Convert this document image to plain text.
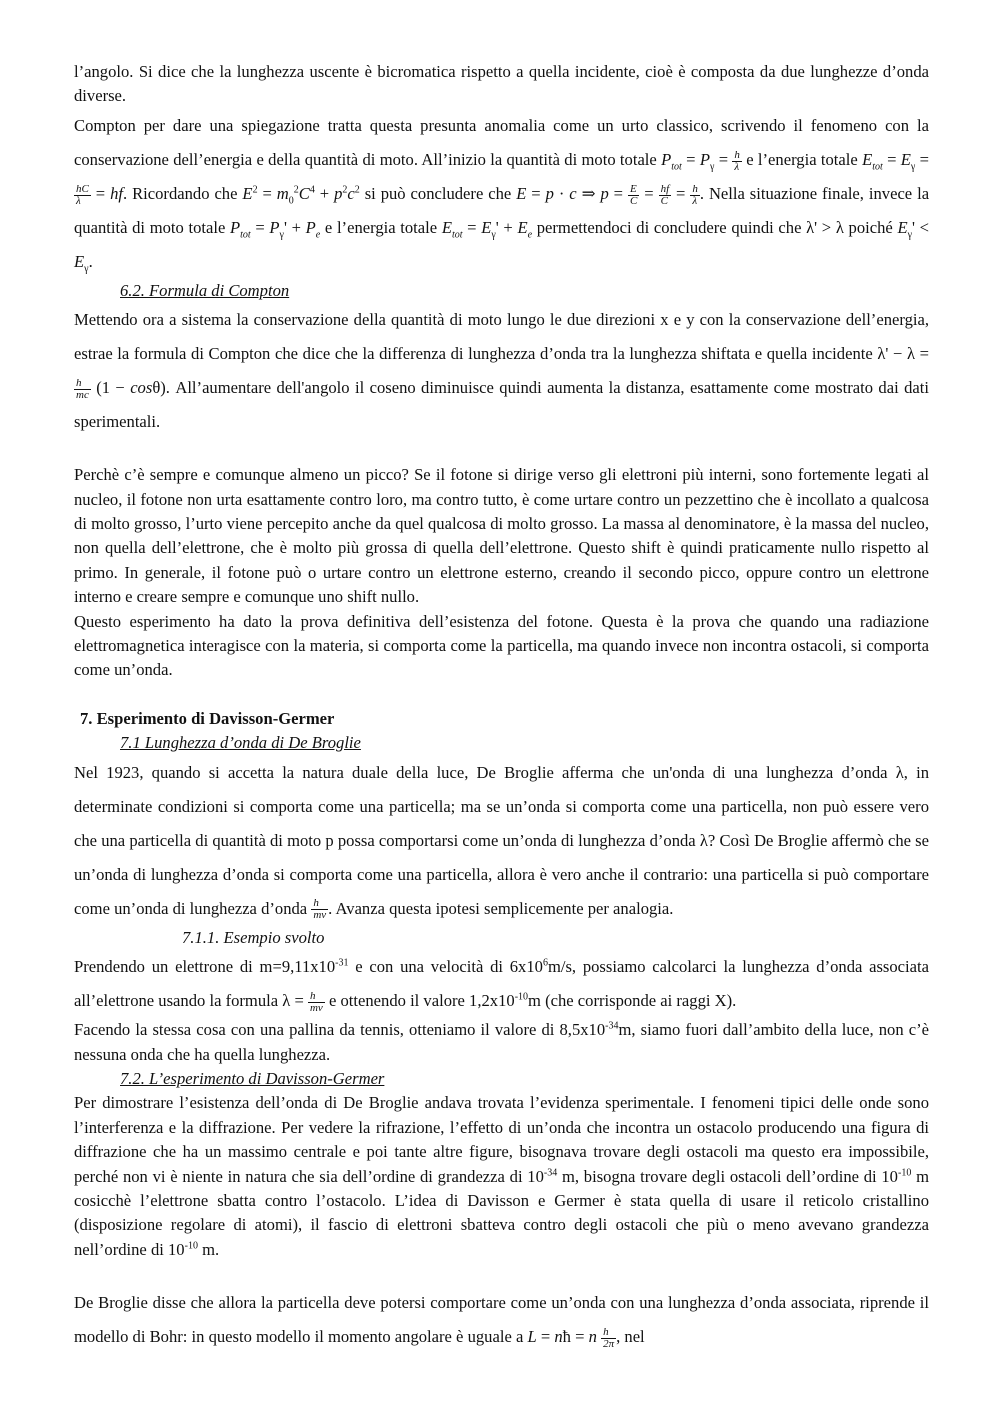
l’angolo. Si dice che la lunghezza uscente è bicromatica rispetto a quella incidente, cioè è composta da due lunghezze d’onda diverse.

Compton per dare una spiegazione tratta questa presunta anomalia come un urto classico, scrivendo il fenomeno con la conservazione dell’energia e della quantità di moto. All’inizio la quantità di moto totale $P_{tot} = P_\gamma = \frac{h}{\lambda}$ e l’energia totale $E_{tot} = E_\gamma$ =
$\frac{hC}{\lambda}$ = hf. Ricordando che $E^2 = m_0^2C^4 + p^2c^2$ si può concludere che E = p · c ⇒ $p = \frac{E}{C} = \frac{hf}{C} = \frac{h}{\lambda}$ . Nella situazione finale, invece la quantità di moto totale $P_{tot} = P_\gamma' + P_e$ e l’energia totale $E_{tot} = E_\gamma' + E_e$ permettendoci di concludere quindi che λ' > λ poiché $E_\gamma' < E_\gamma$.

6.2. Formula di Compton

Mettendo ora a sistema la conservazione della quantità di moto lungo le due direzioni x e y con la conservazione dell’energia, estrae la formula di Compton che dice che la differenza di lunghezza d’onda tra la lunghezza shiftata e quella incidente λ' − λ =
$\frac{h}{mc} (1 - \cos\theta)$. All’aumentare dell'angolo il coseno diminuisce quindi aumenta la distanza, esattamente come mostrato dai dati sperimentali.

Perchè c’è sempre e comunque almeno un picco? Se il fotone si dirige verso gli elettroni più interni, sono fortemente legati al nucleo, il fotone non urta esattamente contro loro, ma contro tutto, è come urtare contro un pezzettino che è incollato a qualcosa di molto grosso, l’urto viene percepito anche da quel qualcosa di molto grosso. La massa al denominatore, è la massa del nucleo, non quella dell’elettrone, che è molto più grossa di quella dell’elettrone. Questo shift è quindi praticamente nullo rispetto al primo. In generale, il fotone può o urtare contro un elettrone esterno, creando il secondo picco, oppure contro un elettrone interno e creare sempre e comunque uno shift nullo.

Questo esperimento ha dato la prova definitiva dell’esistenza del fotone. Questa è la prova che quando una radiazione elettromagnetica interagisce con la materia, si comporta come la particella, ma quando invece non incontra ostacoli, si comporta come un’onda.

7. Esperimento di Davisson-Germer

7.1 Lunghezza d’onda di De Broglie

Nel 1923, quando si accetta la natura duale della luce, De Broglie afferma che un'onda di una lunghezza d’onda λ, in determinate condizioni si comporta come una particella; ma se un’onda si comporta come una particella, non può essere vero che una particella di quantità di moto p possa comportarsi come un’onda di lunghezza d’onda λ? Così De Broglie affermò che se un’onda di lunghezza d’onda si comporta come una particella, allora è vero anche il contrario: una particella si può comportare come un’onda di lunghezza d’onda $\frac{h}{mv}$ . Avanza questa ipotesi semplicemente per analogia.

7.1.1. Esempio svolto

Prendendo un elettrone di $m=9,11x10^{-31}$ e con una velocità di $6x10^6m/s$, possiamo calcolarci la lunghezza d’onda associata all’elettrone usando la formula $\lambda = \frac{h}{mv}$ e ottenendo il valore $1,2x10^{-10}m$ (che corrisponde ai raggi X).

Facendo la stessa cosa con una pallina da tennis, otteniamo il valore di $8,5x10^{-34}m$, siamo fuori dall’ambito della luce, non c’è nessuna onda che ha quella lunghezza.

7.2. L’esperimento di Davisson-Germer

Per dimostrare l’esistenza dell’onda di De Broglie andava trovata l’evidenza sperimentale. I fenomeni tipici delle onde sono l’interferenza e la diffrazione. Per vedere la rifrazione, l’effetto di un’onda che incontra un ostacolo producendo una figura di diffrazione che ha un massimo centrale e poi tante altre figure, bisognava trovare degli ostacoli ma questo era impossibile, perché non vi è niente in natura che sia dell’ordine di grandezza di $10^{-34}$ m, bisogna trovare degli ostacoli dell’ordine di $10^{-10}$ m cosicchè l’elettrone sbatta contro l’ostacolo. L’idea di Davisson e Germer è stata quella di usare il reticolo cristallino (disposizione regolare di atomi), il fascio di elettroni sbatteva contro degli ostacoli che più o meno avevano grandezza nell’ordine di $10^{-10}$ m.

De Broglie disse che allora la particella deve potersi comportare come un’onda con una lunghezza d’onda associata, riprende il modello di Bohr: in questo modello il momento angolare è uguale a L = nħ = n $\frac{h}{2\pi}$ , nel
